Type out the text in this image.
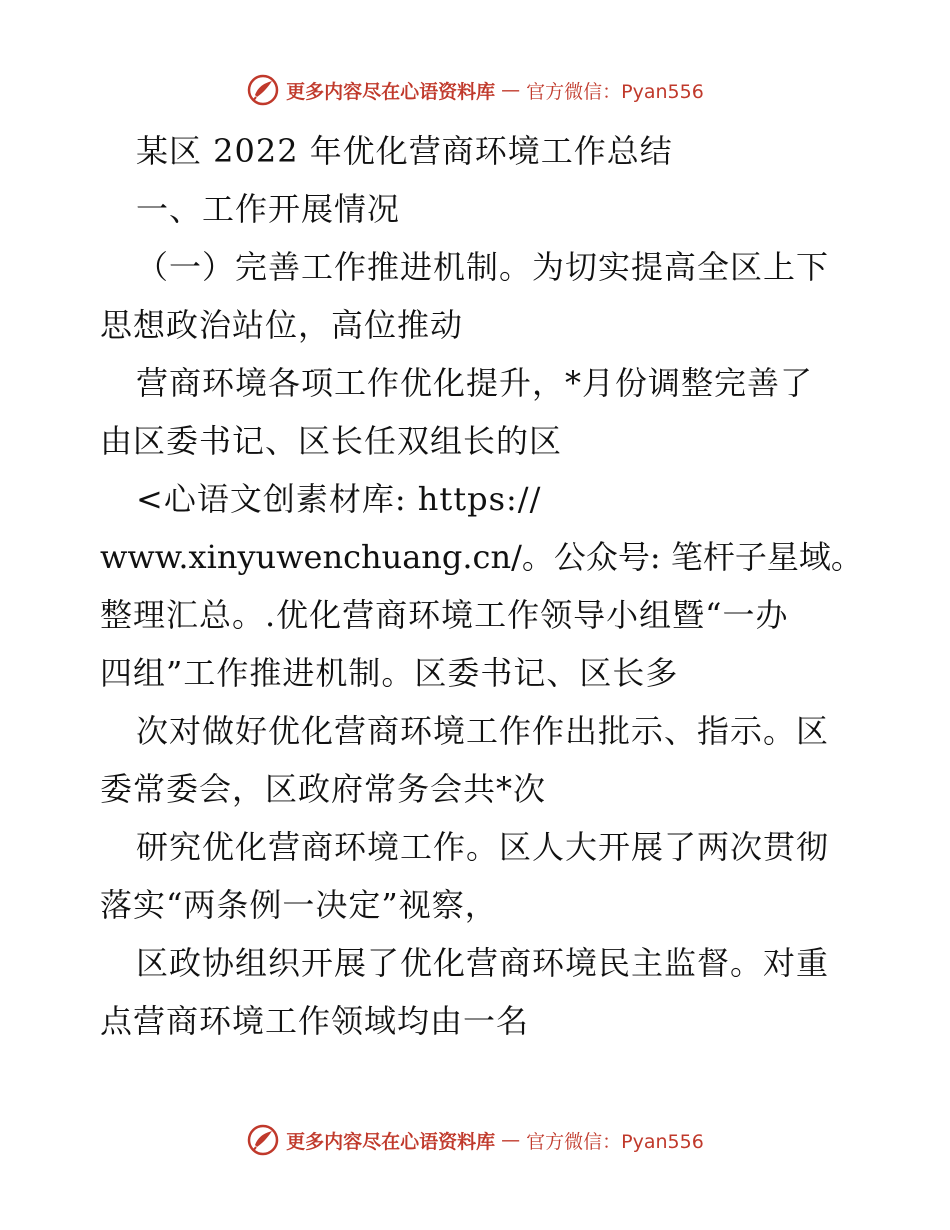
更多内容尽在心语资料库 — 官方微信：Pyan556
某区 2022 年优化营商环境工作总结
一、工作开展情况
（一）完善工作推进机制。为切实提高全区上下
思想政治站位，高位推动
营商环境各项工作优化提升，*月份调整完善了
由区委书记、区长任双组长的区
<心语文创素材库: https://
www.xinyuwenchuang.cn/。公众号: 笔杆子星域。
整理汇总。.优化营商环境工作领导小组暨“一办
四组”工作推进机制。区委书记、区长多
次对做好优化营商环境工作作出批示、指示。区
委常委会，区政府常务会共*次
研究优化营商环境工作。区人大开展了两次贯彻
落实“两条例一决定”视察，
区政协组织开展了优化营商环境民主监督。对重
点营商环境工作领域均由一名
更多内容尽在心语资料库 — 官方微信：Pyan556
